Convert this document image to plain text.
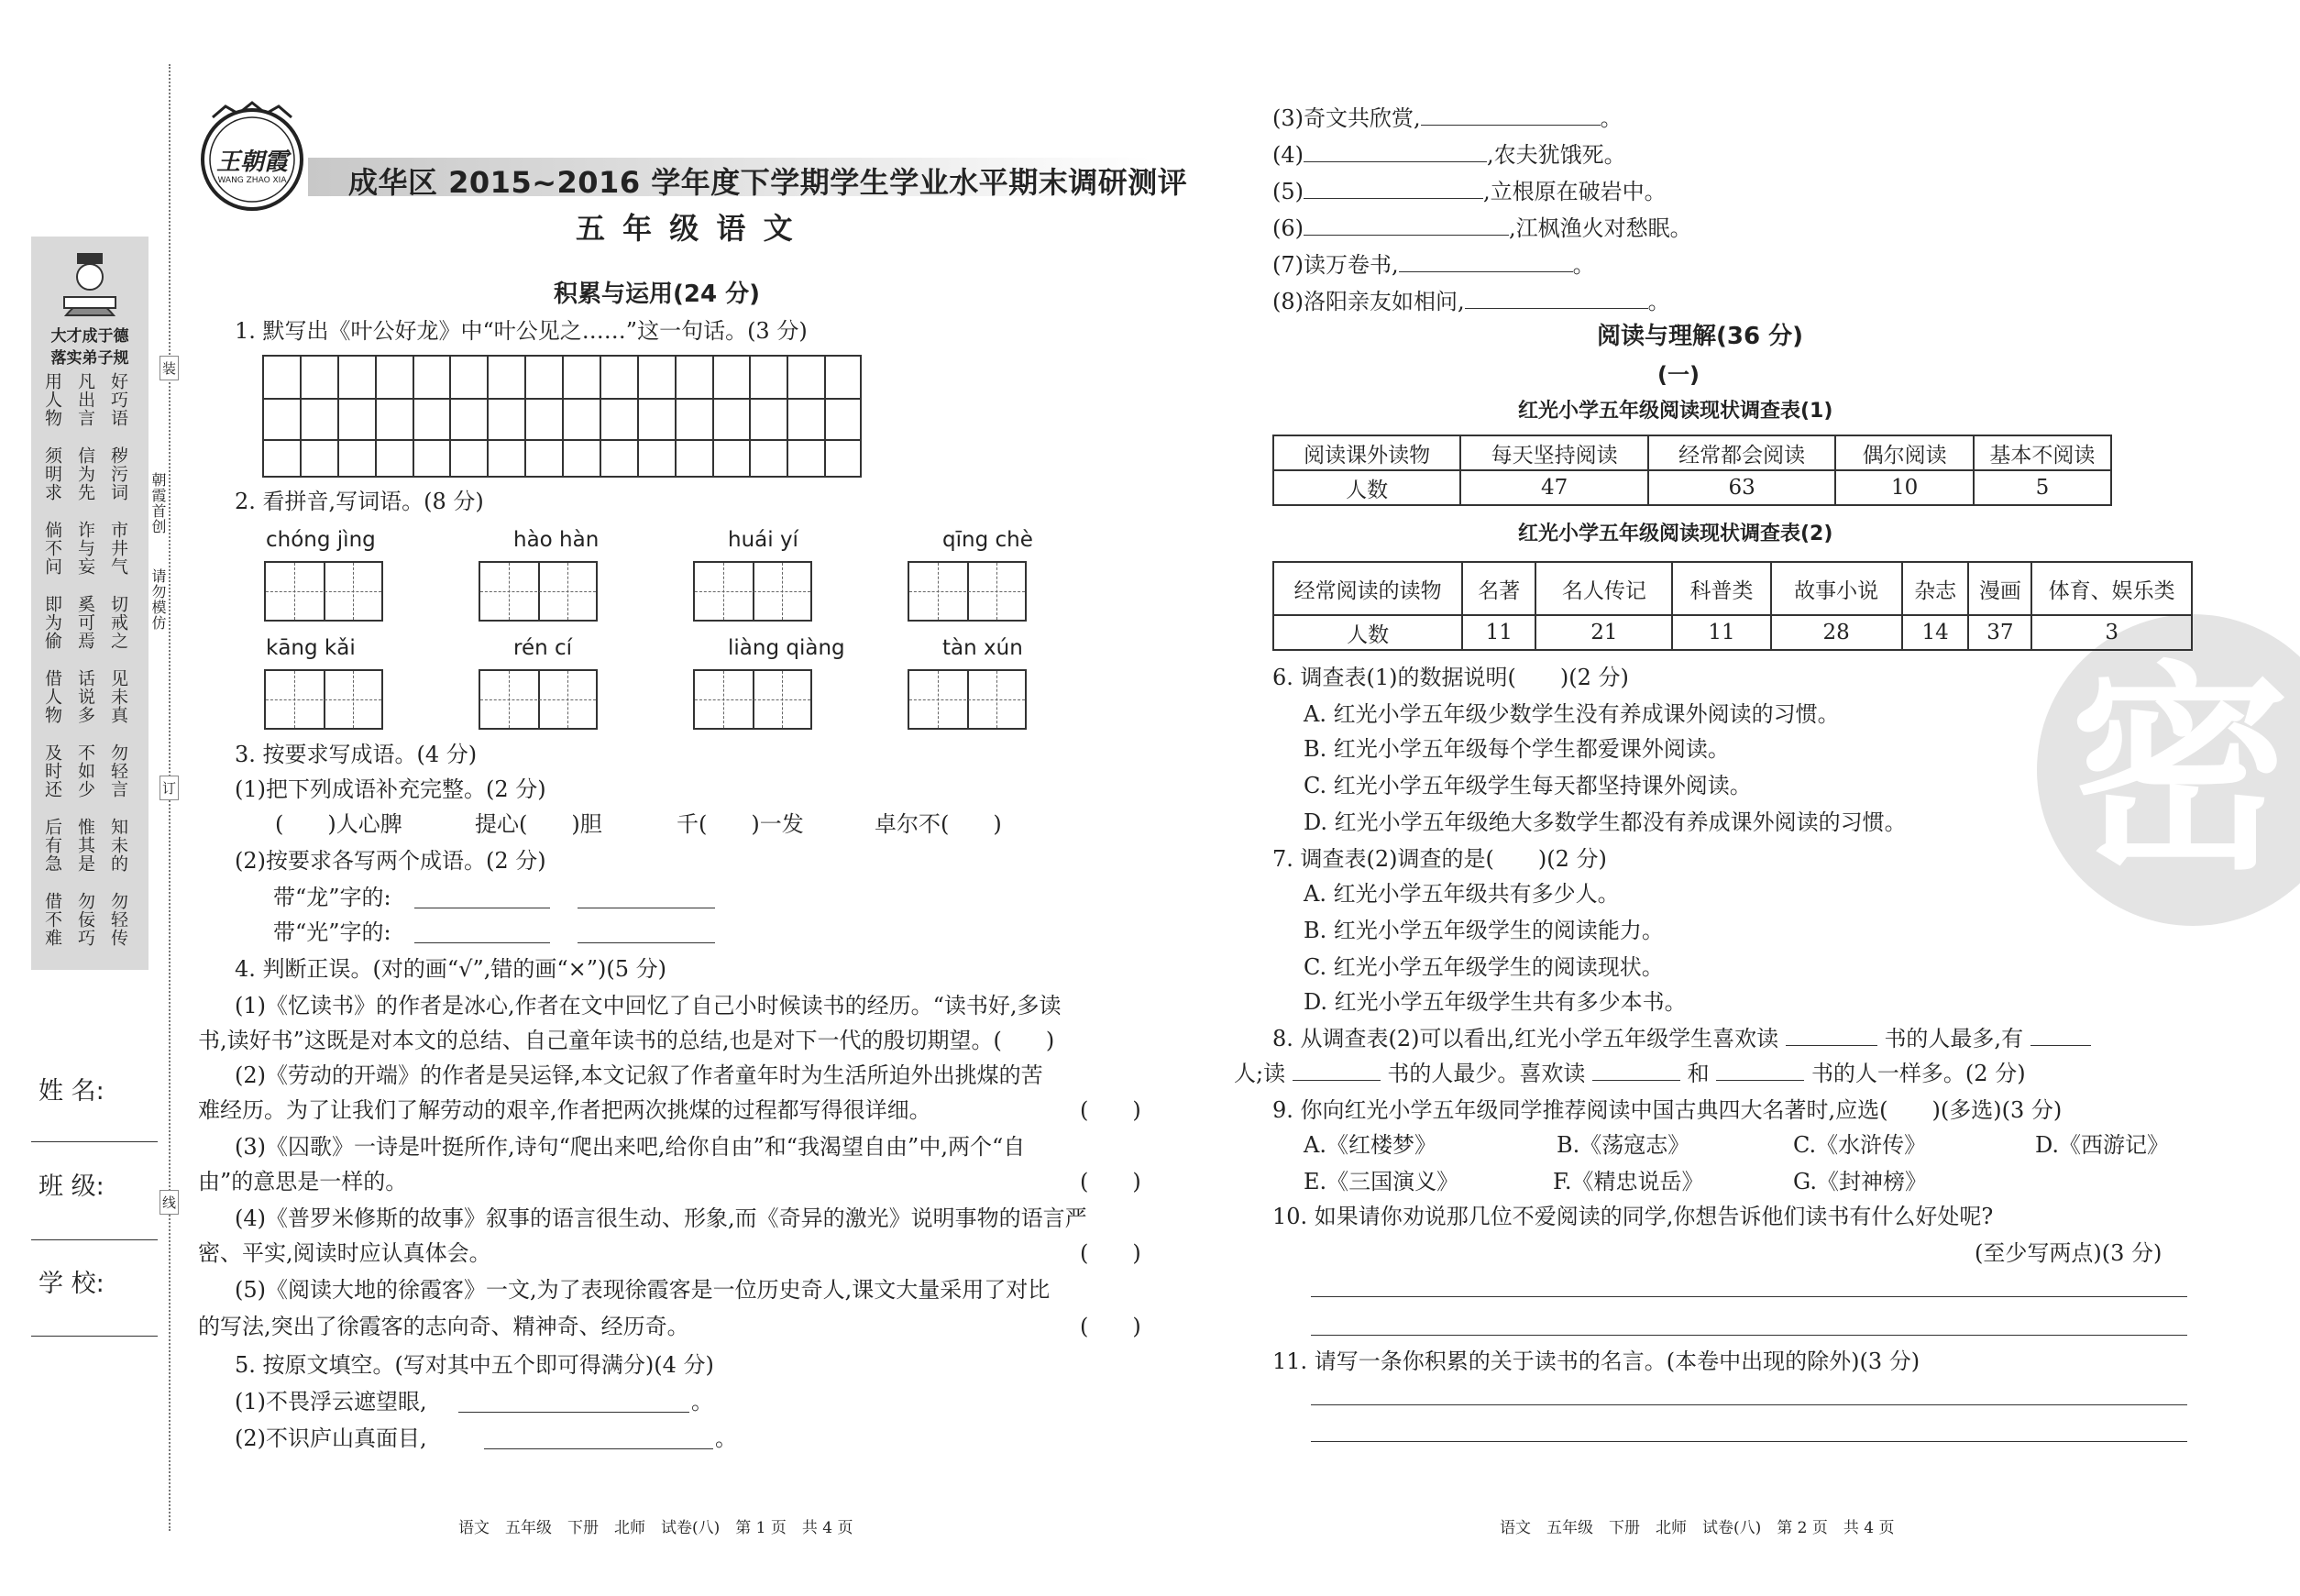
大才成于德
落实弟子规
好巧语
凡出言
用人物
秽污词
信为先
须明求
市井气
诈与妄
倘不问
切戒之
奚可焉
即为偷
见未真
话说多
借人物
勿轻言
不如少
及时还
知未的
惟其是
后有急
勿轻传
勿佞巧
借不难
装
订
线
朝霞首创
请勿模仿
姓 名:
班 级:
学 校:
王朝霞
WANG ZHAO XIA	成华区 2015~2016 学年度下学期学生学业水平期末调研测评
五 年 级 语 文
积累与运用(24 分)
1. 默写出《叶公好龙》中“叶公见之……”这一句话。(3 分)
2. 看拼音,写词语。(8 分)
chóng jìng	hào hàn	huái yí	qīng chè
kāng kǎi	rén cí	liàng qiàng	tàn xún
3. 按要求写成语。(4 分)
(1)把下列成语补充完整。(2 分)
(　　)人心脾	提心(　　)胆	千(　　)一发	卓尔不(　　)
(2)按要求各写两个成语。(2 分)
带“龙”字的:
带“光”字的:
4. 判断正误。(对的画“√”,错的画“×”)(5 分)
(1)《忆读书》的作者是冰心,作者在文中回忆了自己小时候读书的经历。“读书好,多读
书,读好书”这既是对本文的总结、自己童年读书的总结,也是对下一代的殷切期望。(　　)
(2)《劳动的开端》的作者是吴运铎,本文记叙了作者童年时为生活所迫外出挑煤的苦
难经历。为了让我们了解劳动的艰辛,作者把两次挑煤的过程都写得很详细。	(　　)
(3)《囚歌》一诗是叶挺所作,诗句“爬出来吧,给你自由”和“我渴望自由”中,两个“自
由”的意思是一样的。	(　　)
(4)《普罗米修斯的故事》叙事的语言很生动、形象,而《奇异的激光》说明事物的语言严
密、平实,阅读时应认真体会。	(　　)
(5)《阅读大地的徐霞客》一文,为了表现徐霞客是一位历史奇人,课文大量采用了对比
的写法,突出了徐霞客的志向奇、精神奇、经历奇。	(　　)
5. 按原文填空。(写对其中五个即可得满分)(4 分)
(1)不畏浮云遮望眼,	。
(2)不识庐山真面目,	。
语文　五年级　下册　北师　试卷(八)　第 1 页　共 4 页
密
(3)奇文共欣赏,	。
(4)	,农夫犹饿死。
(5)	,立根原在破岩中。
(6)	,江枫渔火对愁眠。
(7)读万卷书,	。
(8)洛阳亲友如相问,	。
阅读与理解(36 分)
(一)
红光小学五年级阅读现状调查表(1)
阅读课外读物	每天坚持阅读	经常都会阅读	偶尔阅读	基本不阅读
人数	47	63	10	5
红光小学五年级阅读现状调查表(2)
经常阅读的读物	名著	名人传记	科普类	故事小说	杂志	漫画	体育、娱乐类
人数	11	21	11	28	14	37	3
6. 调查表(1)的数据说明(　　)(2 分)
A. 红光小学五年级少数学生没有养成课外阅读的习惯。
B. 红光小学五年级每个学生都爱课外阅读。
C. 红光小学五年级学生每天都坚持课外阅读。
D. 红光小学五年级绝大多数学生都没有养成课外阅读的习惯。
7. 调查表(2)调查的是(　　)(2 分)
A. 红光小学五年级共有多少人。
B. 红光小学五年级学生的阅读能力。
C. 红光小学五年级学生的阅读现状。
D. 红光小学五年级学生共有多少本书。
8. 从调查表(2)可以看出,红光小学五年级学生喜欢读	书的人最多,有
人;读	书的人最少。喜欢读	和	书的人一样多。(2 分)
9. 你向红光小学五年级同学推荐阅读中国古典四大名著时,应选(　　)(多选)(3 分)
A.《红楼梦》	B.《荡寇志》	C.《水浒传》	D.《西游记》
E.《三国演义》	F.《精忠说岳》	G.《封神榜》
10. 如果请你劝说那几位不爱阅读的同学,你想告诉他们读书有什么好处呢?
(至少写两点)(3 分)
11. 请写一条你积累的关于读书的名言。(本卷中出现的除外)(3 分)
语文　五年级　下册　北师　试卷(八)　第 2 页　共 4 页
